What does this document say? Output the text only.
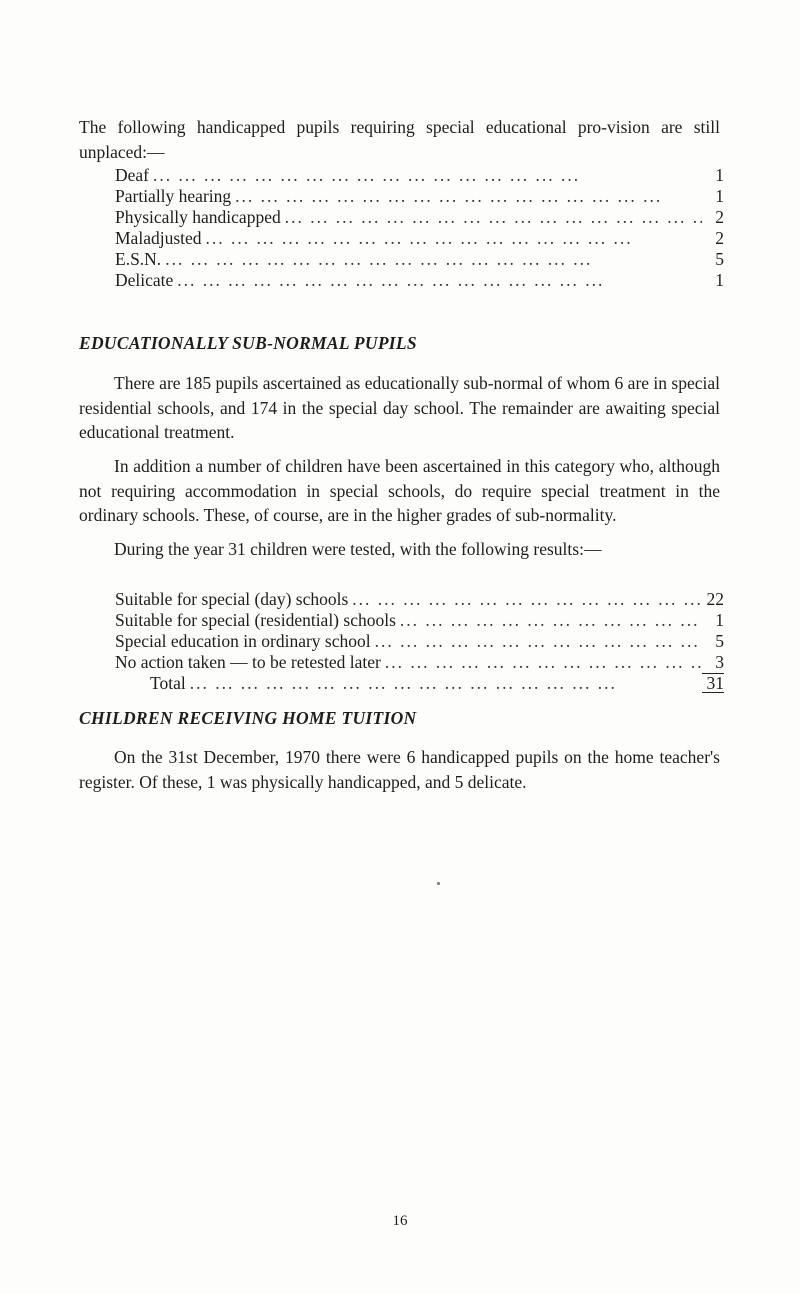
The following handicapped pupils requiring special educational pro-vision are still unplaced:—

Deaf ... .	1
Partially hearing ... .	1
Physically handicapped ... .	2
Maladjusted ... .	2
E.S.N. ... .	5
Delicate ... .	1
EDUCATIONALLY SUB-NORMAL PUPILS

There are 185 pupils ascertained as educationally sub-normal of whom 6 are in special residential schools, and 174 in the special day school. The remainder are awaiting special educational treatment.

In addition a number of children have been ascertained in this category who, although not requiring accommodation in special schools, do require special treatment in the ordinary schools. These, of course, are in the higher grades of sub-normality.

During the year 31 children were tested, with the following results:—

Suitable for special (day) schools ... .	22
Suitable for special (residential) schools ... .	1
Special education in ordinary school ... .	5
No action taken — to be retested later ... .	3
Total ... .	31
CHILDREN RECEIVING HOME TUITION

On the 31st December, 1970 there were 6 handicapped pupils on the home teacher's register. Of these, 1 was physically handicapped, and 5 delicate.

16
